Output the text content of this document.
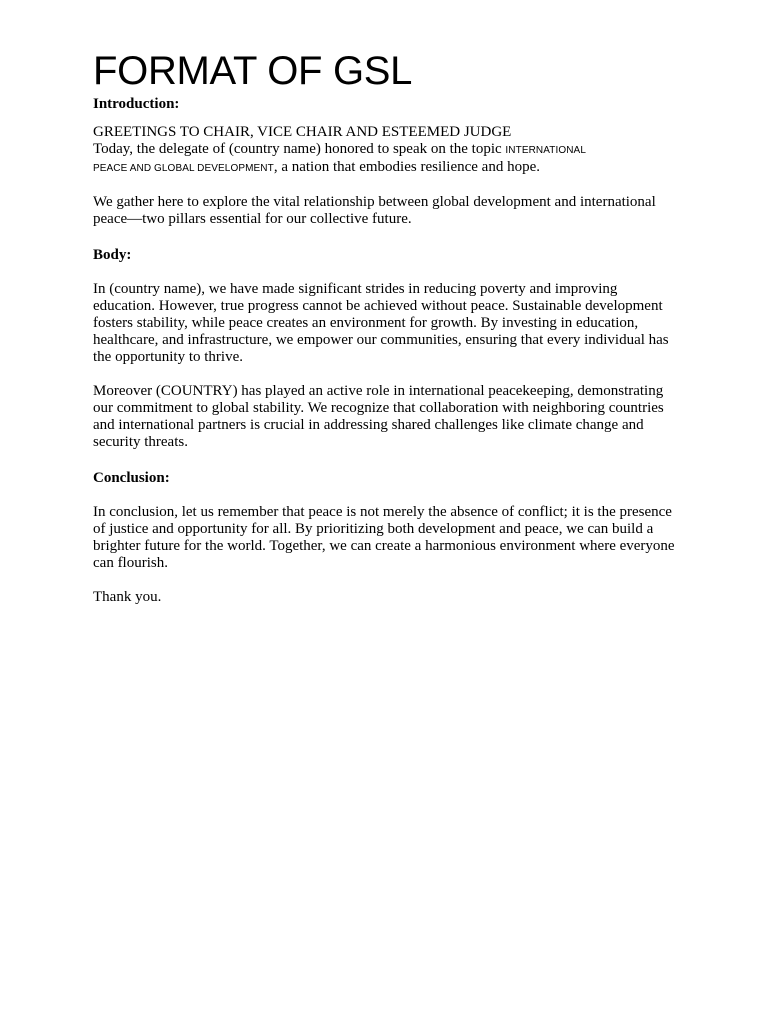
FORMAT OF GSL

Introduction:

GREETINGS TO CHAIR, VICE CHAIR AND ESTEEMED JUDGE

Today, the delegate of (country name) honored to speak on the topic INTERNATIONAL
PEACE AND GLOBAL DEVELOPMENT, a nation that embodies resilience and hope.

We gather here to explore the vital relationship between global development and international peace—two pillars essential for our collective future.

Body:

In (country name), we have made significant strides in reducing poverty and improving education. However, true progress cannot be achieved without peace. Sustainable development fosters stability, while peace creates an environment for growth. By investing in education, healthcare, and infrastructure, we empower our communities, ensuring that every individual has the opportunity to thrive.

Moreover (COUNTRY) has played an active role in international peacekeeping, demonstrating our commitment to global stability. We recognize that collaboration with neighboring countries and international partners is crucial in addressing shared challenges like climate change and security threats.

Conclusion:

In conclusion, let us remember that peace is not merely the absence of conflict; it is the presence of justice and opportunity for all. By prioritizing both development and peace, we can build a brighter future for the world. Together, we can create a harmonious environment where everyone can flourish.

Thank you.
